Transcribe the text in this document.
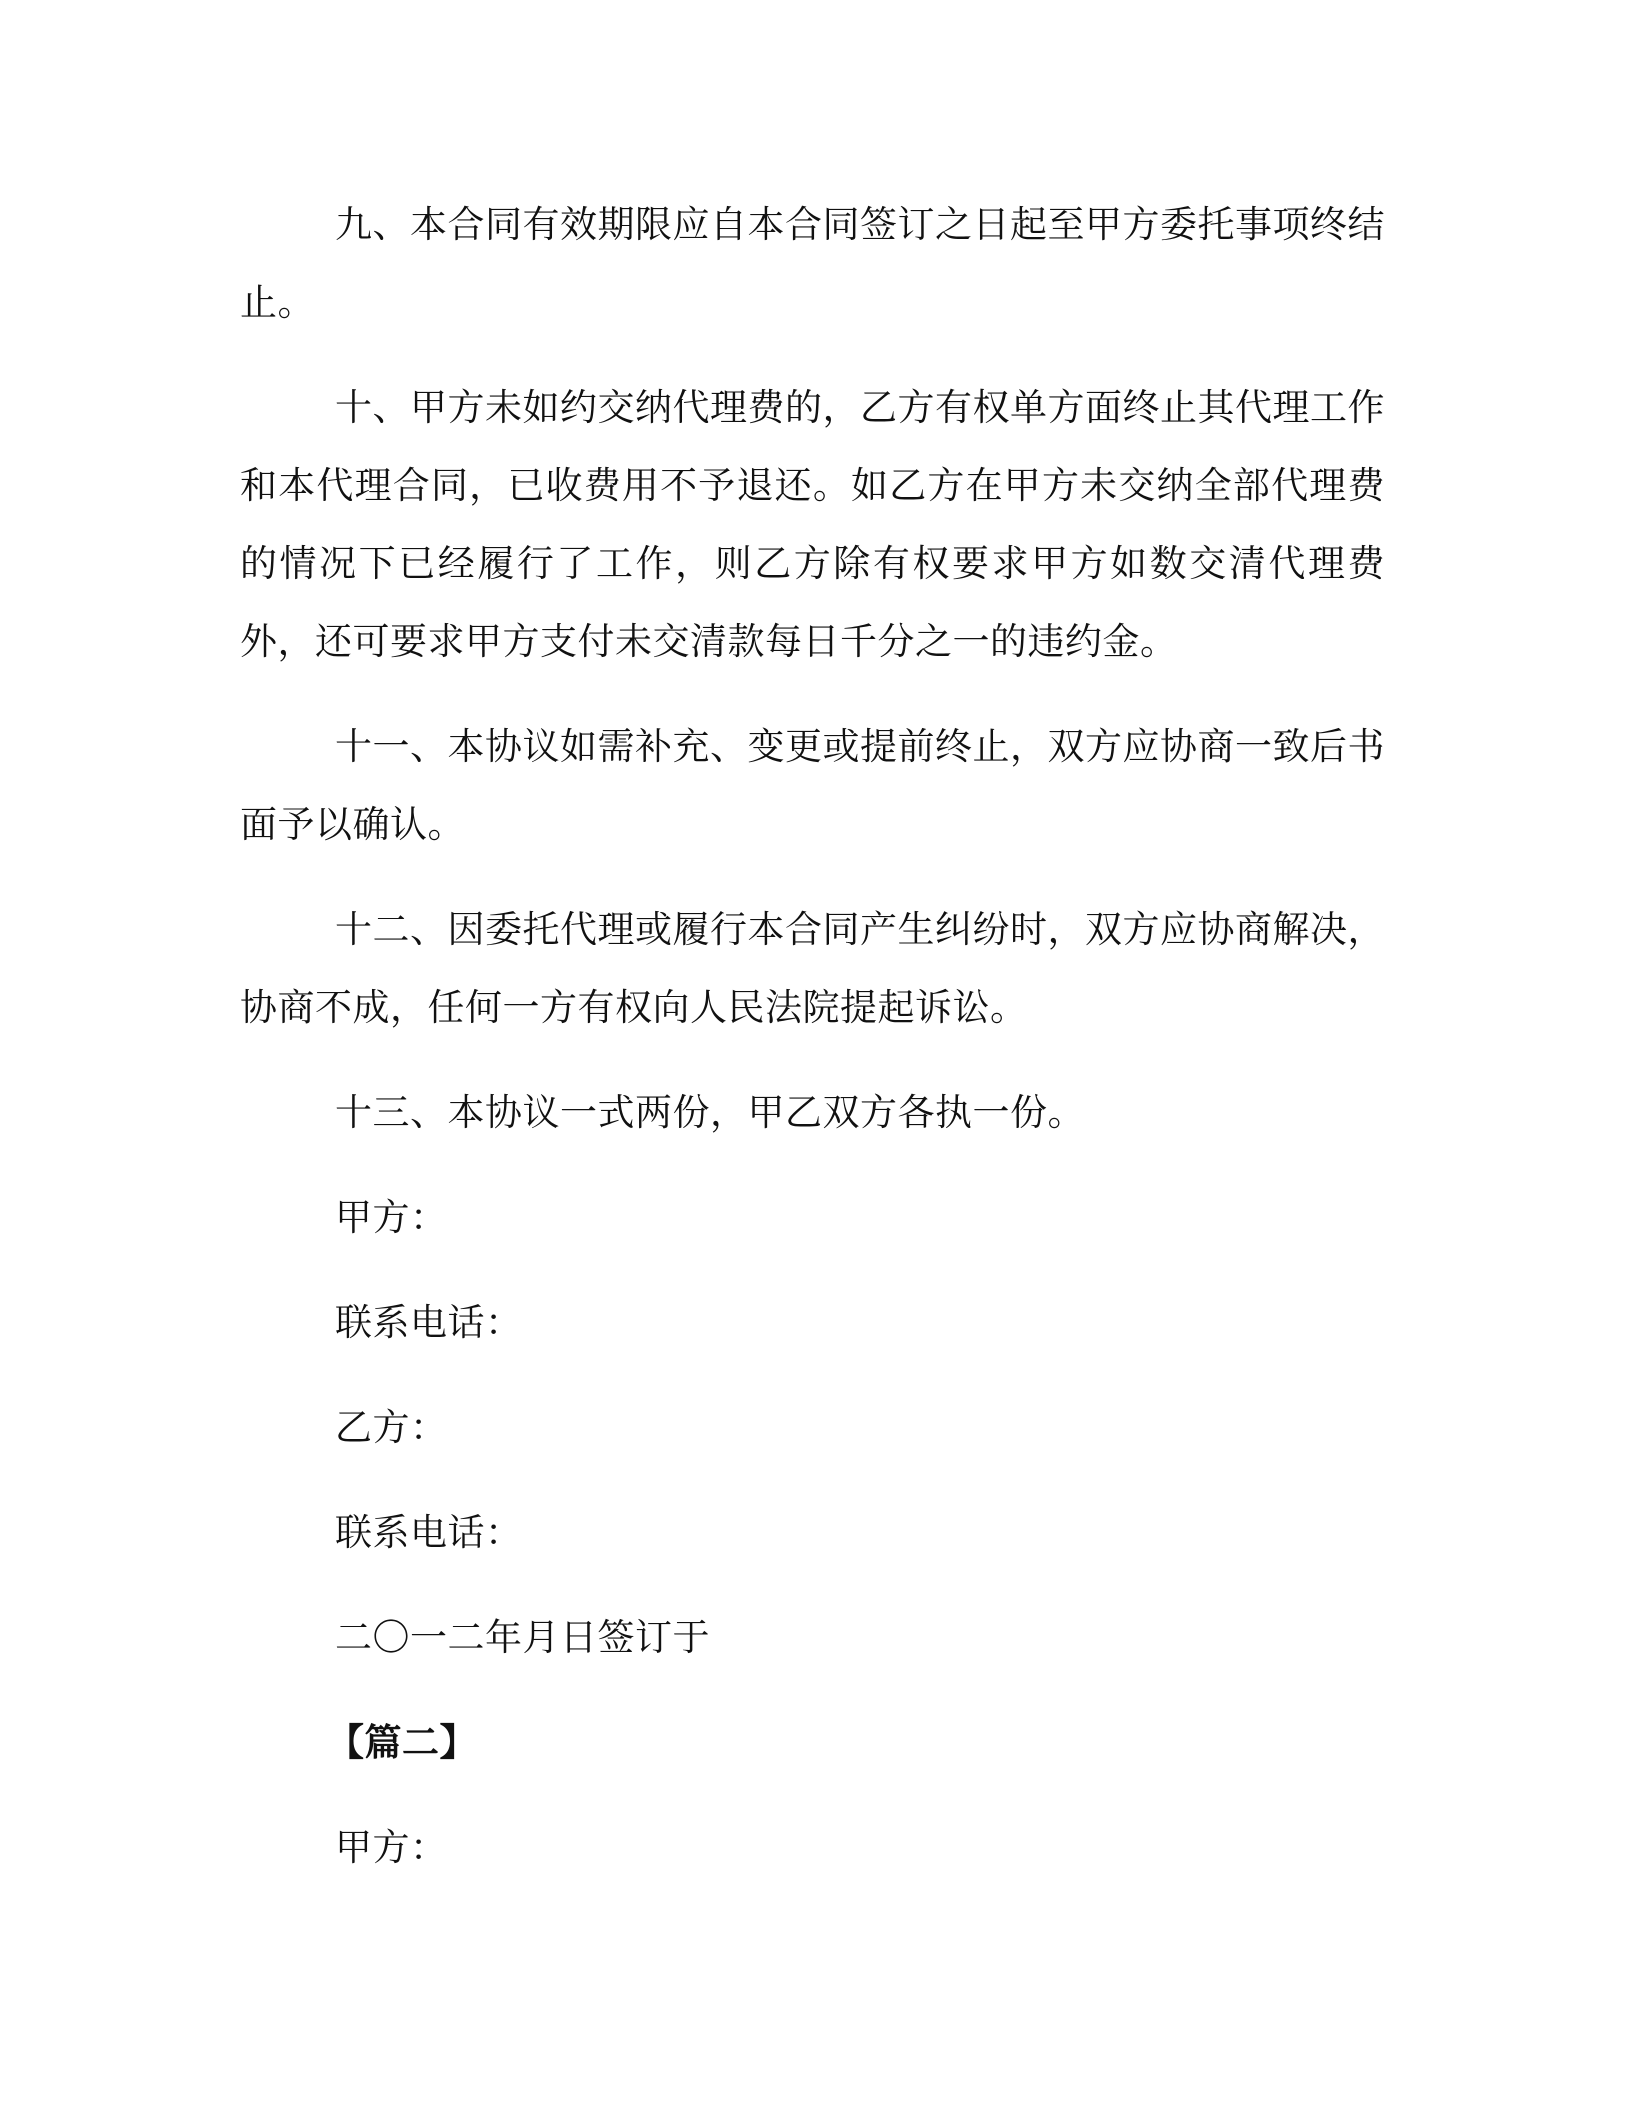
九、本合同有效期限应自本合同签订之日起至甲方委托事项终结止。

十、甲方未如约交纳代理费的，乙方有权单方面终止其代理工作和本代理合同，已收费用不予退还。如乙方在甲方未交纳全部代理费的情况下已经履行了工作，则乙方除有权要求甲方如数交清代理费外，还可要求甲方支付未交清款每日千分之一的违约金。

十一、本协议如需补充、变更或提前终止，双方应协商一致后书面予以确认。

十二、因委托代理或履行本合同产生纠纷时，双方应协商解决，协商不成，任何一方有权向人民法院提起诉讼。

十三、本协议一式两份，甲乙双方各执一份。

甲方：

联系电话：

乙方：

联系电话：

二〇一二年月日签订于

【篇二】

甲方：
